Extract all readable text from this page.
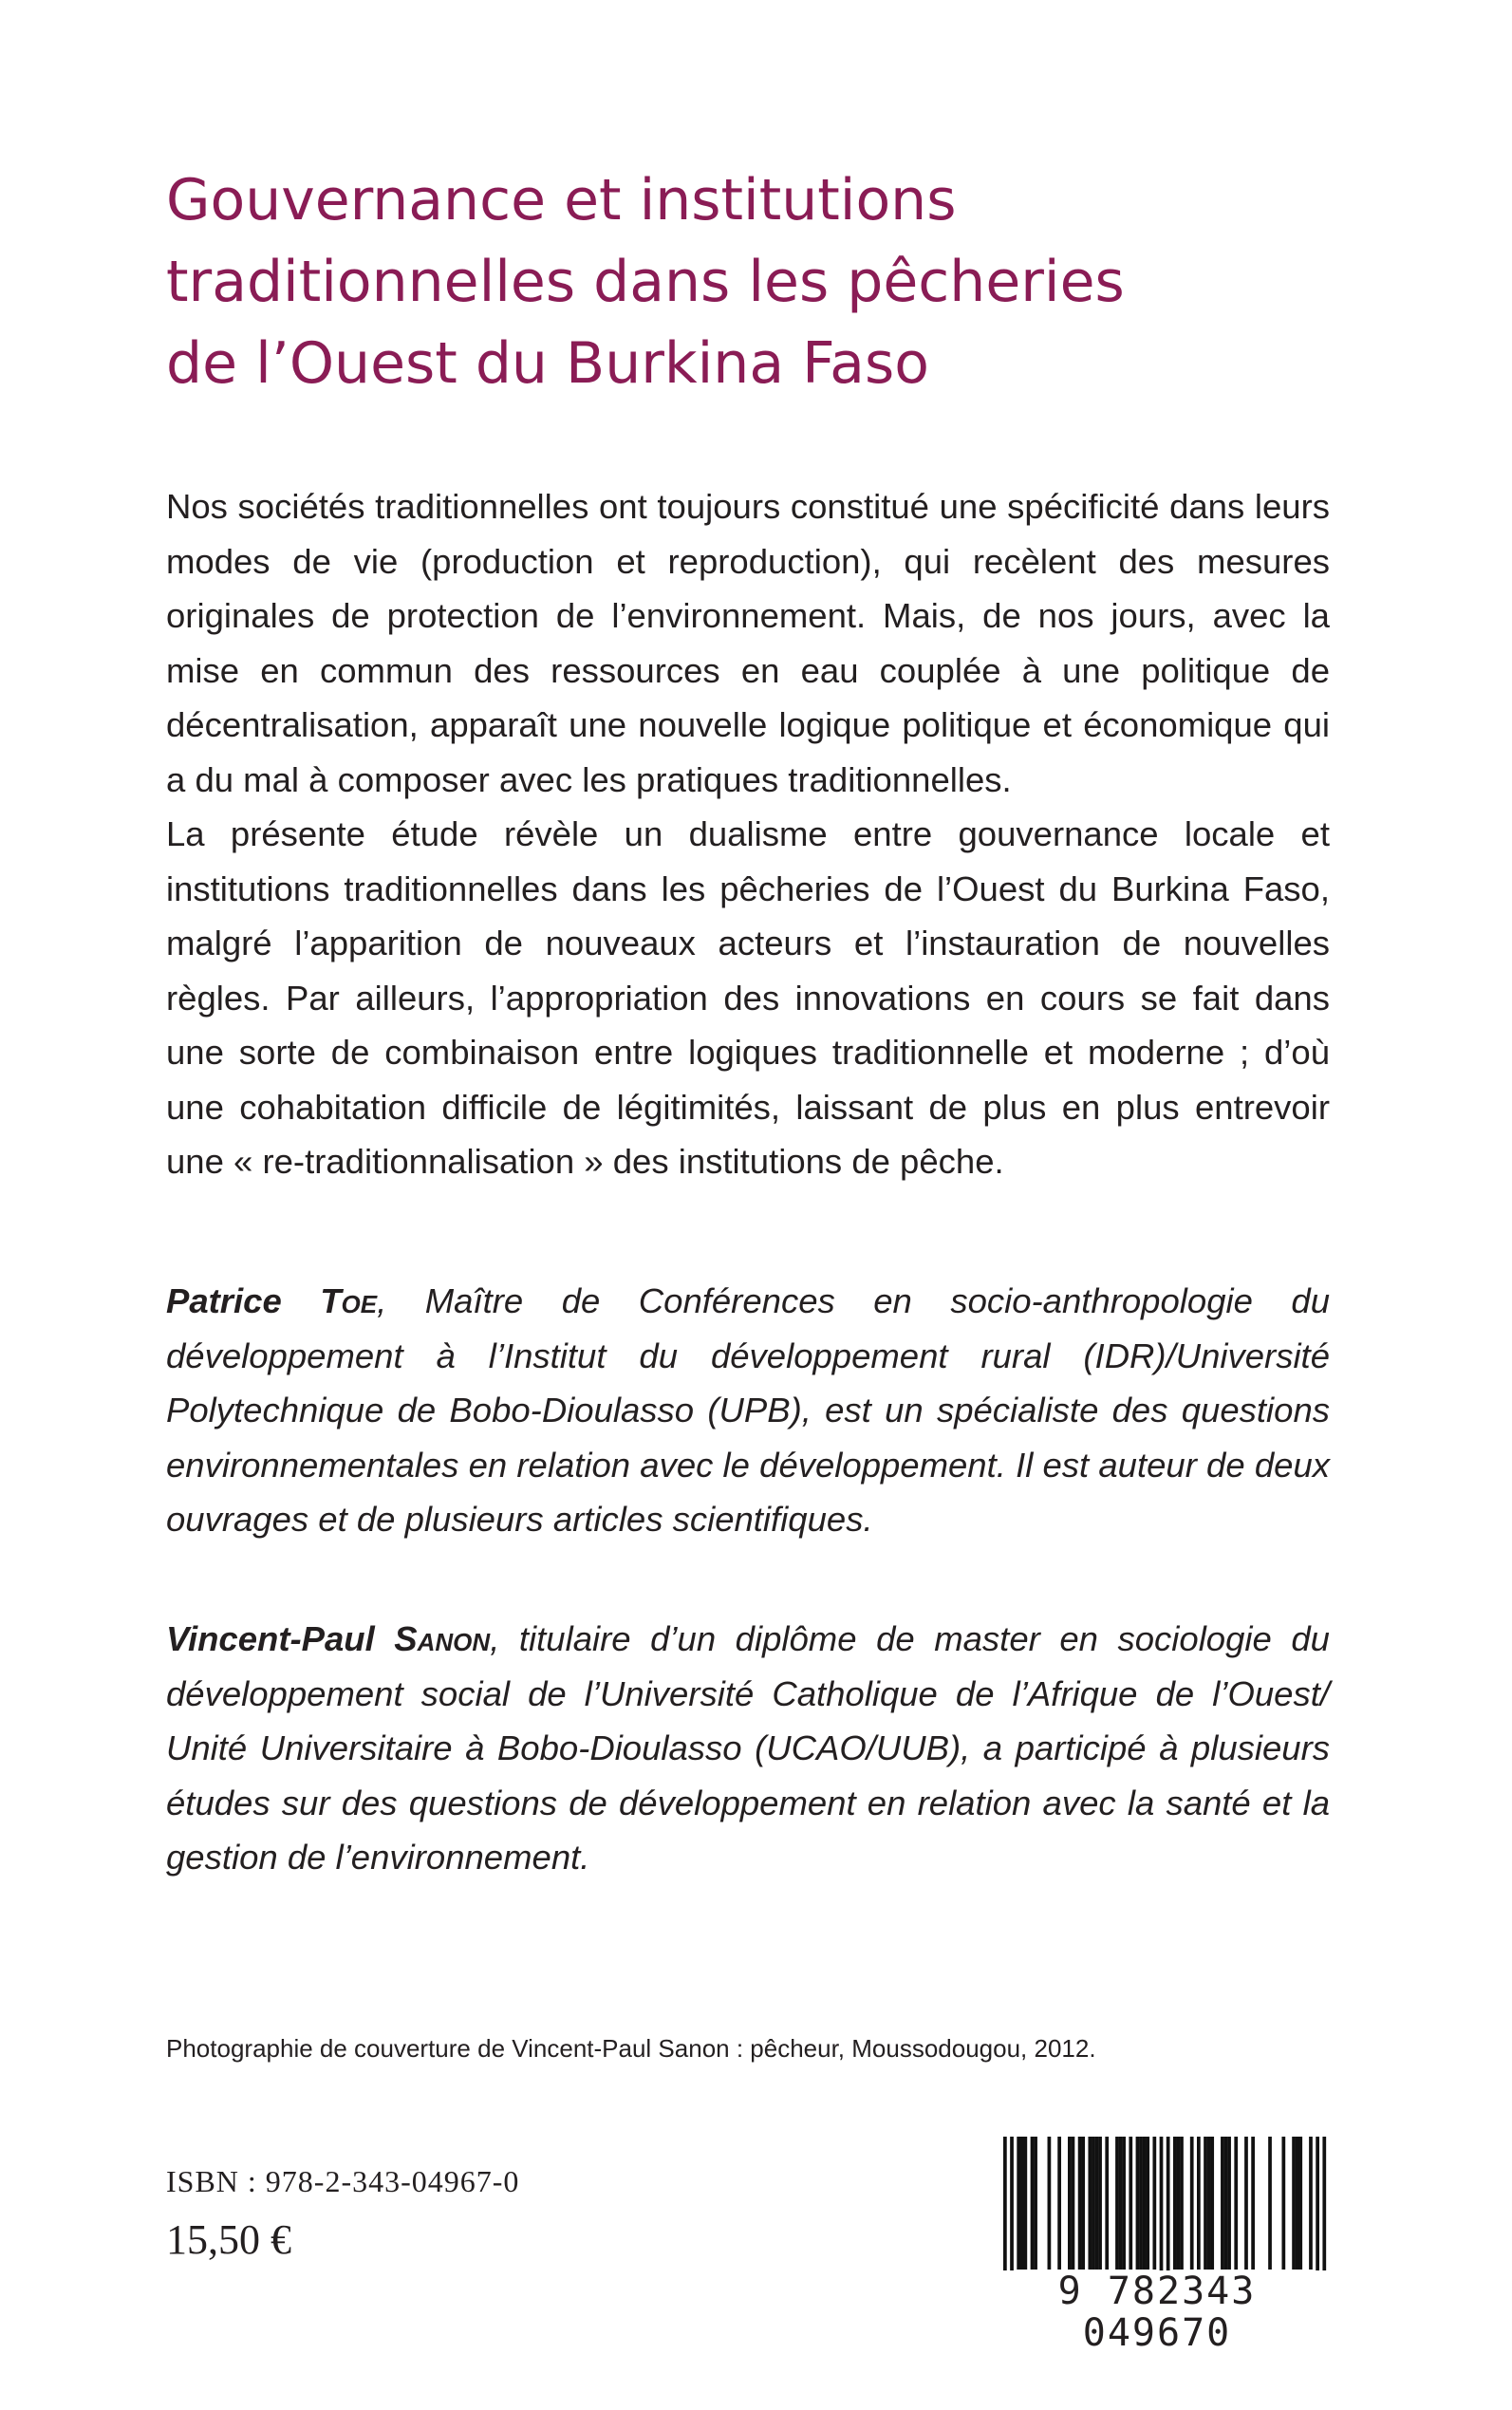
Gouvernance et institutions
traditionnelles dans les pêcheries
de l’Ouest du Burkina Faso

Nos sociétés traditionnelles ont toujours constitué une spécificité dans leurs modes de vie (production et reproduction), qui recèlent des mesures originales de protection de l’environnement. Mais, de nos jours, avec la mise en commun des ressources en eau couplée à une politique de décentralisation, apparaît une nouvelle logique politique et économique qui a du mal à composer avec les pratiques traditionnelles.

La présente étude révèle un dualisme entre gouvernance locale et institutions traditionnelles dans les pêcheries de l’Ouest du Burkina Faso, malgré l’apparition de nouveaux acteurs et l’instauration de nouvelles règles. Par ailleurs, l’appropriation des innovations en cours se fait dans une sorte de combinaison entre logiques traditionnelle et moderne ; d’où une cohabitation difficile de légitimités, laissant de plus en plus entrevoir une « re-traditionnalisation » des institutions de pêche.

Patrice Toe, Maître de Conférences en socio-anthropologie du développement à l’Institut du développement rural (IDR)/Université Polytechnique de Bobo-Dioulasso (UPB), est un spécialiste des questions environnementales en relation avec le développement. Il est auteur de deux ouvrages et de plusieurs articles scientifiques.

Vincent-Paul Sanon, titulaire d’un diplôme de master en sociologie du développement social de l’Université Catholique de l’Afrique de l’Ouest/ Unité Universitaire à Bobo-Dioulasso (UCAO/UUB), a participé à plusieurs études sur des questions de développement en relation avec la santé et la gestion de l’environnement.

Photographie de couverture de Vincent-Paul Sanon : pêcheur, Moussodougou, 2012.
ISBN : 978-2-343-04967-0
15,50 €
9 782343 049670
